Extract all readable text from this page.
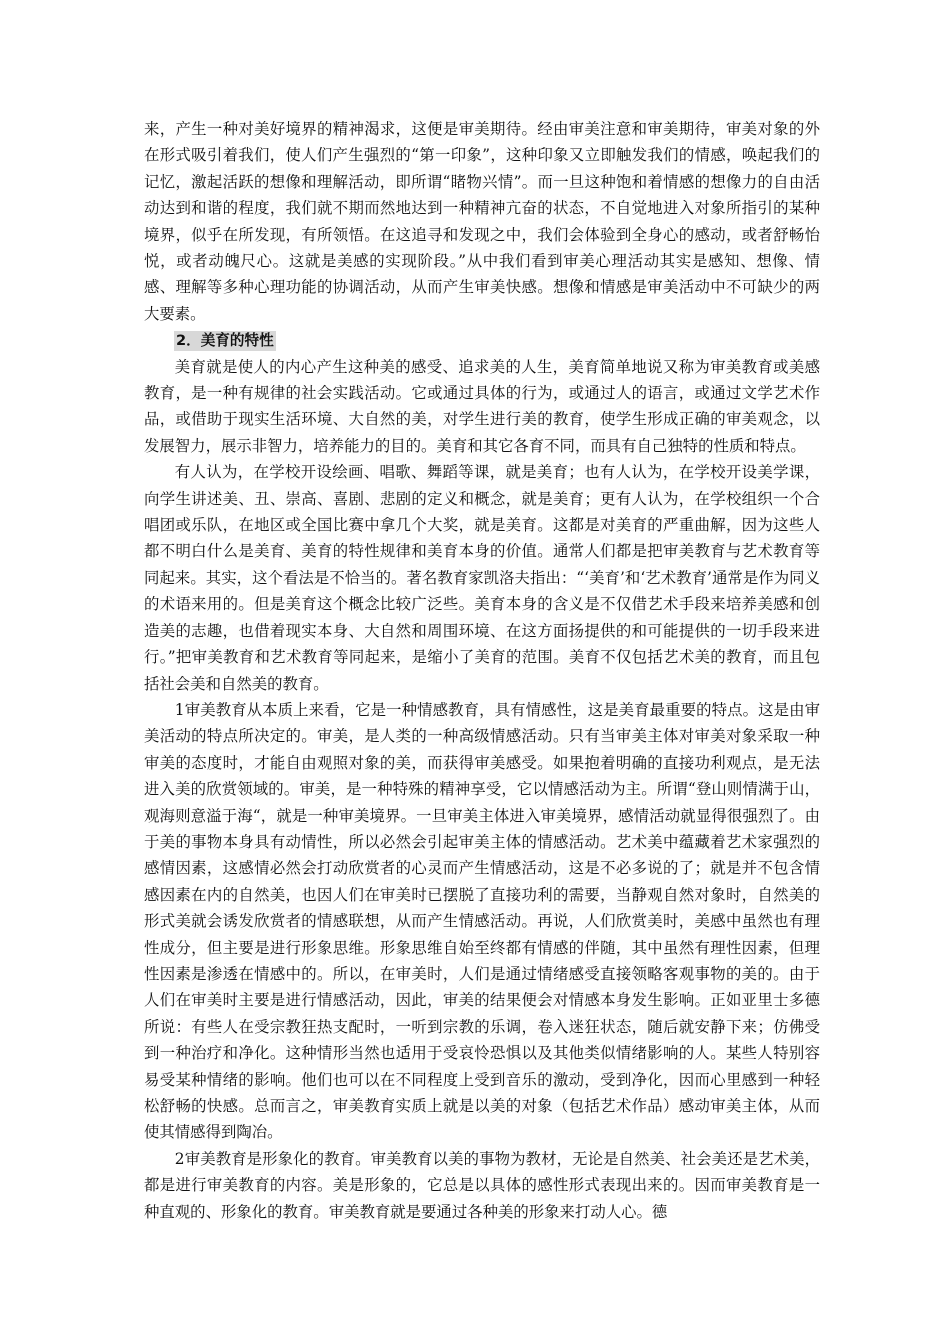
来，产生一种对美好境界的精神渴求，这便是审美期待。经由审美注意和审美期待，审美对象的外在形式吸引着我们，使人们产生强烈的“第一印象”，这种印象又立即触发我们的情感，唤起我们的记忆，激起活跃的想像和理解活动，即所谓“睹物兴情”。而一旦这种饱和着情感的想像力的自由活动达到和谐的程度，我们就不期而然地达到一种精神亢奋的状态，不自觉地进入对象所指引的某种境界，似乎在所发现，有所领悟。在这追寻和发现之中，我们会体验到全身心的感动，或者舒畅怡悦，或者动魄尺心。这就是美感的实现阶段。”从中我们看到审美心理活动其实是感知、想像、情感、理解等多种心理功能的协调活动，从而产生审美快感。想像和情感是审美活动中不可缺少的两大要素。

2．美育的特性

美育就是使人的内心产生这种美的感受、追求美的人生，美育简单地说又称为审美教育或美感教育，是一种有规律的社会实践活动。它或通过具体的行为，或通过人的语言，或通过文学艺术作品，或借助于现实生活环境、大自然的美，对学生进行美的教育，使学生形成正确的审美观念，以发展智力，展示非智力，培养能力的目的。美育和其它各育不同，而具有自己独特的性质和特点。

有人认为，在学校开设绘画、唱歌、舞蹈等课，就是美育；也有人认为，在学校开设美学课，向学生讲述美、丑、崇高、喜剧、悲剧的定义和概念，就是美育；更有人认为，在学校组织一个合唱团或乐队，在地区或全国比赛中拿几个大奖，就是美育。这都是对美育的严重曲解，因为这些人都不明白什么是美育、美育的特性规律和美育本身的价值。通常人们都是把审美教育与艺术教育等同起来。其实，这个看法是不恰当的。著名教育家凯洛夫指出：“‘美育’和‘艺术教育’通常是作为同义的术语来用的。但是美育这个概念比较广泛些。美育本身的含义是不仅借艺术手段来培养美感和创造美的志趣，也借着现实本身、大自然和周围环境、在这方面扬提供的和可能提供的一切手段来进行。”把审美教育和艺术教育等同起来，是缩小了美育的范围。美育不仅包括艺术美的教育，而且包括社会美和自然美的教育。

1审美教育从本质上来看，它是一种情感教育，具有情感性，这是美育最重要的特点。这是由审美活动的特点所决定的。审美，是人类的一种高级情感活动。只有当审美主体对审美对象采取一种审美的态度时，才能自由观照对象的美，而获得审美感受。如果抱着明确的直接功利观点，是无法进入美的欣赏领域的。审美，是一种特殊的精神享受，它以情感活动为主。所谓“登山则情满于山，观海则意溢于海“，就是一种审美境界。一旦审美主体进入审美境界，感情活动就显得很强烈了。由于美的事物本身具有动情性，所以必然会引起审美主体的情感活动。艺术美中蕴藏着艺术家强烈的感情因素，这感情必然会打动欣赏者的心灵而产生情感活动，这是不必多说的了；就是并不包含情感因素在内的自然美，也因人们在审美时已摆脱了直接功利的需要，当静观自然对象时，自然美的形式美就会诱发欣赏者的情感联想，从而产生情感活动。再说，人们欣赏美时，美感中虽然也有理性成分，但主要是进行形象思维。形象思维自始至终都有情感的伴随，其中虽然有理性因素，但理性因素是渗透在情感中的。所以，在审美时，人们是通过情绪感受直接领略客观事物的美的。由于人们在审美时主要是进行情感活动，因此，审美的结果便会对情感本身发生影响。正如亚里士多德所说：有些人在受宗教狂热支配时，一听到宗教的乐调，卷入迷狂状态，随后就安静下来；仿佛受到一种治疗和净化。这种情形当然也适用于受哀怜恐惧以及其他类似情绪影响的人。某些人特别容易受某种情绪的影响。他们也可以在不同程度上受到音乐的激动，受到净化，因而心里感到一种轻松舒畅的快感。总而言之，审美教育实质上就是以美的对象（包括艺术作品）感动审美主体，从而使其情感得到陶冶。

2审美教育是形象化的教育。审美教育以美的事物为教材，无论是自然美、社会美还是艺术美，都是进行审美教育的内容。美是形象的，它总是以具体的感性形式表现出来的。因而审美教育是一种直观的、形象化的教育。审美教育就是要通过各种美的形象来打动人心。德
